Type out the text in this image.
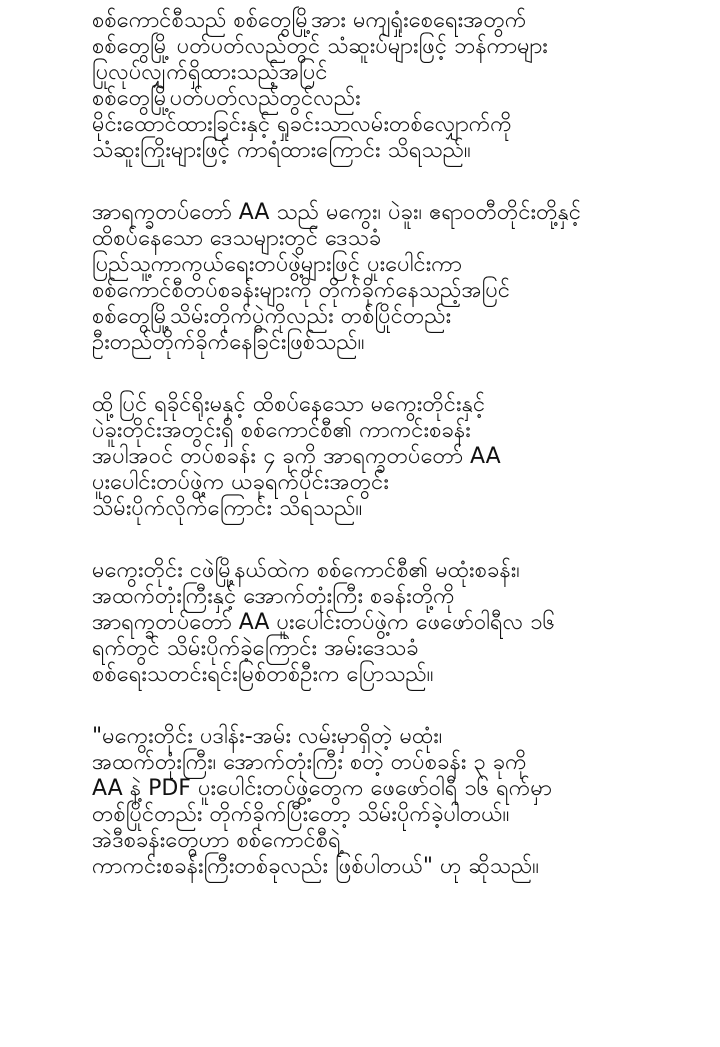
စစ်ကောင်စီသည် စစ်တွေမြို့အား မကျရှုံးစေရေးအတွက်
စစ်တွေမြို့ ပတ်ပတ်လည်တွင် သံဆူးပ်များဖြင့် ဘန်ကာများ
ပြုလုပ်လျှက်ရှိထားသည့်အပြင်
စစ်တွေမြို့ပတ်ပတ်လည်တွင်လည်း
မိုင်းထောင်ထားခြင်းနှင့် ရှုခင်းသာလမ်းတစ်လျှောက်ကို
သံဆူးကြိုးများဖြင့် ကာရံထားကြောင်း သိရသည်။

အာရက္ခတပ်တော် AA သည် မကွေး၊ ပဲခူး၊ ဧရာဝတီတိုင်းတို့နှင့်
ထိစပ်နေသော ဒေသများတွင် ဒေသခံ
ပြည်သူ့ကာကွယ်ရေးတပ်ဖွဲ့များဖြင့် ပူးပေါင်းကာ
စစ်ကောင်စီတပ်စခန်းများကို တိုက်ခိုက်နေသည့်အပြင်
စစ်တွေမြို့သိမ်းတိုက်ပွဲကိုလည်း တစ်ပြိုင်တည်း
ဦးတည်တိုက်ခိုက်နေခြင်းဖြစ်သည်။

ထို့ပြင် ရခိုင်ရိုးမနှင့် ထိစပ်နေသော မကွေးတိုင်းနှင့်
ပဲခူးတိုင်းအတွင်းရှိ စစ်ကောင်စီ၏ ကာကင်းစခန်း
အပါအဝင် တပ်စခန်း ၄ ခုကို အာရက္ခတပ်တော် AA
ပူးပေါင်းတပ်ဖွဲ့က ယခုရက်ပိုင်းအတွင်း
သိမ်းပိုက်လိုက်ကြောင်း သိရသည်။

မကွေးတိုင်း ငဖဲမြို့နယ်ထဲက စစ်ကောင်စီ၏ မထုံးစခန်း၊
အထက်တုံးကြီးနှင့် အောက်တုံးကြီး စခန်းတို့ကို
အာရက္ခတပ်တော် AA ပူးပေါင်းတပ်ဖွဲ့က ဖေဖော်ဝါရီလ ၁၆
ရက်တွင် သိမ်းပိုက်ခဲ့ကြောင်း အမ်းဒေသခံ
စစ်ရေးသတင်းရင်းမြစ်တစ်ဦးက ပြောသည်။

"မကွေးတိုင်း ပဒါန်း-အမ်း လမ်းမှာရှိတဲ့ မထုံး၊
အထက်တုံးကြီး၊ အောက်တုံးကြီး စတဲ့ တပ်စခန်း ၃ ခုကို
AA နဲ့ PDF ပူးပေါင်းတပ်ဖွဲ့တွေက ဖေဖော်ဝါရီ ၁၆ ရက်မှာ
တစ်ပြိုင်တည်း တိုက်ခိုက်ပြီးတော့ သိမ်းပိုက်ခဲ့ပါတယ်။
အဲဒီစခန်းတွေဟာ စစ်ကောင်စီရဲ့
ကာကင်းစခန်းကြီးတစ်ခုလည်း ဖြစ်ပါတယ်" ဟု ဆိုသည်။
